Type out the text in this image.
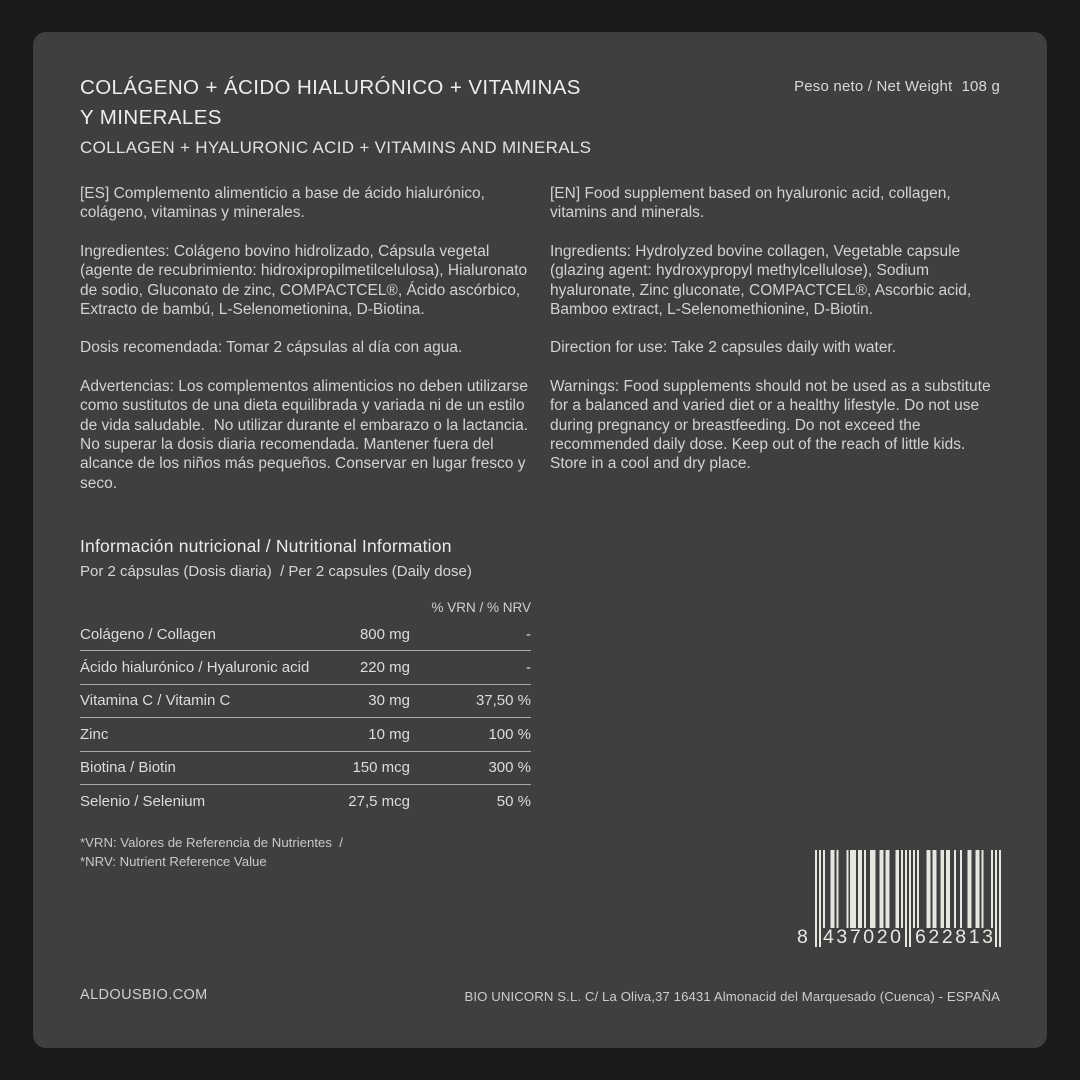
COLÁGENO + ÁCIDO HIALURÓNICO + VITAMINAS
Y MINERALES
Peso neto / Net Weight 108 g
COLLAGEN + HYALURONIC ACID + VITAMINS AND MINERALS

[ES] Complemento alimenticio a base de ácido hialurónico, colágeno, vitaminas y minerales.

Ingredientes: Colágeno bovino hidrolizado, Cápsula vegetal (agente de recubrimiento: hidroxipropilmetilcelulosa), Hialuronato de sodio, Gluconato de zinc, COMPACTCEL®, Ácido ascórbico, Extracto de bambú, L-Selenometionina, D-Biotina.

Dosis recomendada: Tomar 2 cápsulas al día con agua.

Advertencias: Los complementos alimenticios no deben utilizarse como sustitutos de una dieta equilibrada y variada ni de un estilo de vida saludable.  No utilizar durante el embarazo o la lactancia. No superar la dosis diaria recomendada. Mantener fuera del alcance de los niños más pequeños. Conservar en lugar fresco y seco.

[EN] Food supplement based on hyaluronic acid, collagen, vitamins and minerals.

Ingredients: Hydrolyzed bovine collagen, Vegetable capsule (glazing agent: hydroxypropyl methylcellulose), Sodium hyaluronate, Zinc gluconate, COMPACTCEL®, Ascorbic acid, Bamboo extract, L-Selenomethionine, D-Biotin.

Direction for use: Take 2 capsules daily with water.

Warnings: Food supplements should not be used as a substitute for a balanced and varied diet or a healthy lifestyle. Do not use during pregnancy or breastfeeding. Do not exceed the recommended daily dose. Keep out of the reach of little kids. Store in a cool and dry place.

Información nutricional / Nutritional Information
Por 2 cápsulas (Dosis diaria)  / Per 2 capsules (Daily dose)
% VRN / % NRV
Colágeno / Collagen	800 mg	-
Ácido hialurónico / Hyaluronic acid	220 mg	-
Vitamina C / Vitamin C	30 mg	37,50 %
Zinc	10 mg	100 %
Biotina / Biotin	150 mcg	300 %
Selenio / Selenium	27,5 mcg	50 %
*VRN: Valores de Referencia de Nutrientes  /
*NRV: Nutrient Reference Value
8 4 3 7 0 2 0 6 2 2 8 1 3
ALDOUSBIO.COM	BIO UNICORN S.L. C/ La Oliva,37 16431 Almonacid del Marquesado (Cuenca) - ESPAÑA
